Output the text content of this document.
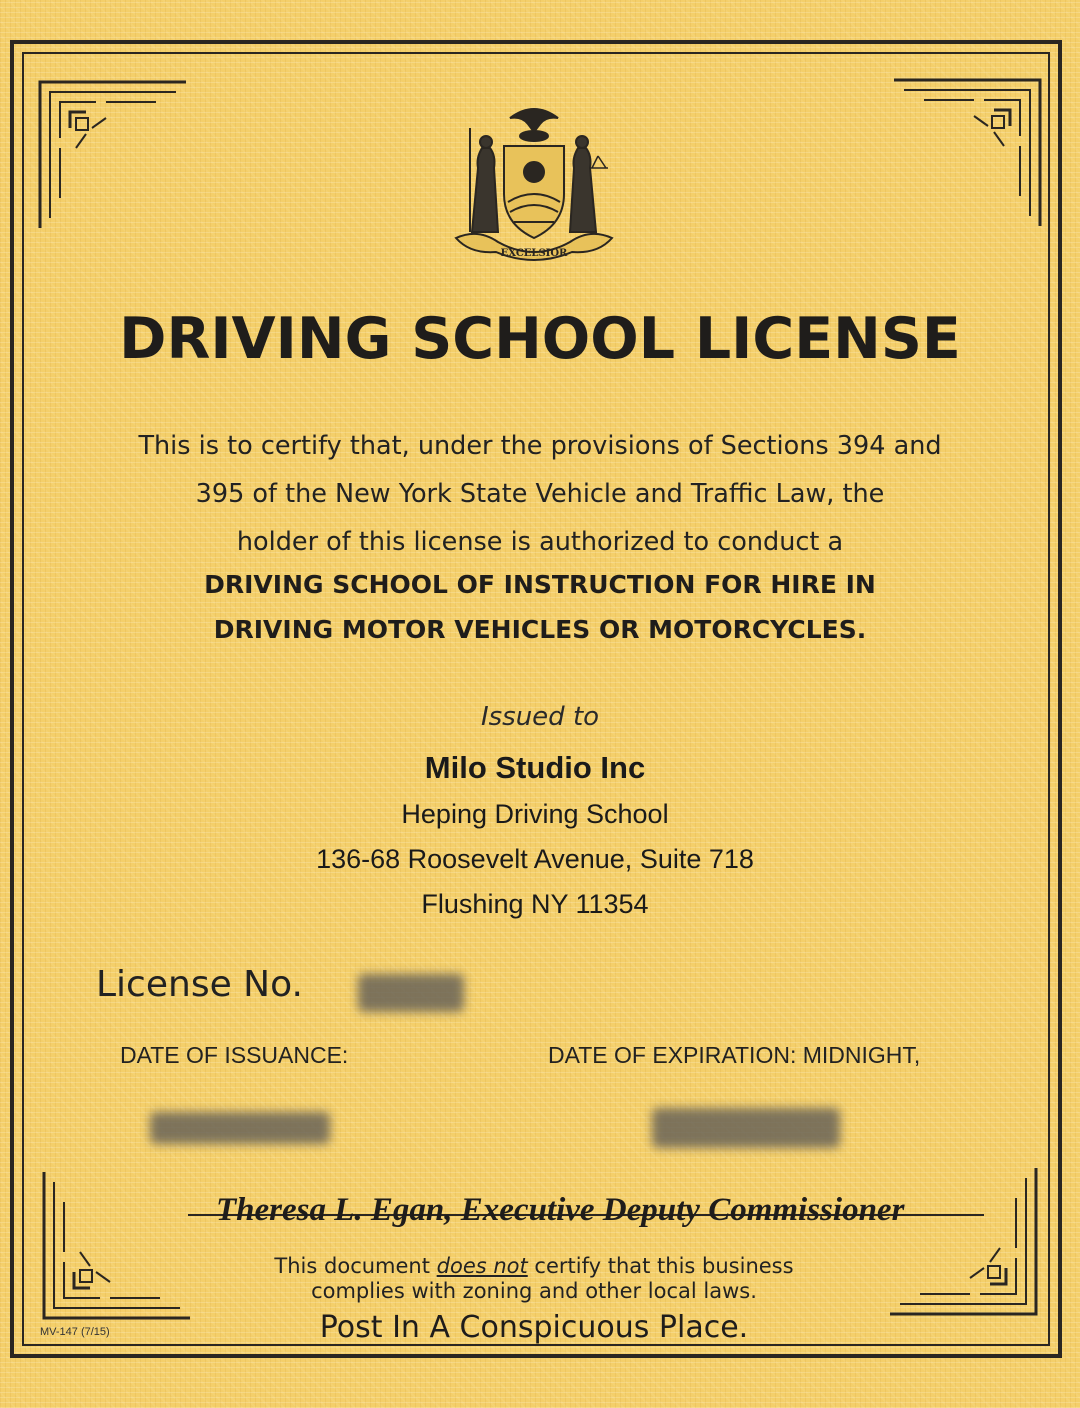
EXCELSIOR
DRIVING SCHOOL LICENSE
This is to certify that, under the provisions of Sections 394 and
395 of the New York State Vehicle and Traffic Law, the
holder of this license is authorized to conduct a
DRIVING SCHOOL OF INSTRUCTION FOR HIRE IN
DRIVING MOTOR VEHICLES OR MOTORCYCLES.
Issued to
Milo Studio Inc
Heping Driving School
136-68 Roosevelt Avenue, Suite 718
Flushing NY 11354
License No.
DATE OF ISSUANCE:	DATE OF EXPIRATION: MIDNIGHT,
Theresa L. Egan, Executive Deputy Commissioner
This document does not certify that this business
complies with zoning and other local laws.
Post In A Conspicuous Place.
MV-147 (7/15)
